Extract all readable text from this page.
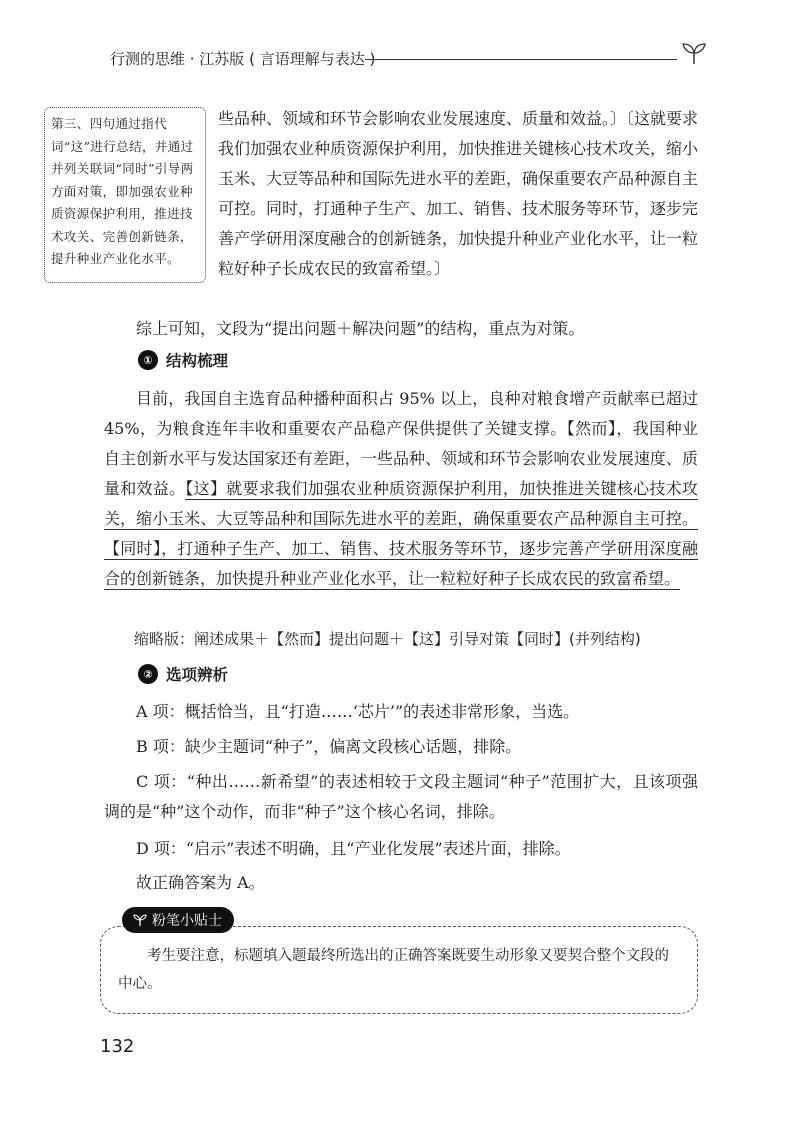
行测的思维 · 江苏版 ( 言语理解与表达 )
第三、四句通过指代词“这”进行总结，并通过并列关联词“同时”引导两方面对策，即加强农业种质资源保护利用，推进技术攻关、完善创新链条，提升种业产业化水平。

些品种、领域和环节会影响农业发展速度、质量和效益。〕〔这就要求我们加强农业种质资源保护利用，加快推进关键核心技术攻关，缩小玉米、大豆等品种和国际先进水平的差距，确保重要农产品种源自主可控。同时，打通种子生产、加工、销售、技术服务等环节，逐步完善产学研用深度融合的创新链条，加快提升种业产业化水平，让一粒粒好种子长成农民的致富希望。〕

综上可知，文段为“提出问题＋解决问题”的结构，重点为对策。

① 结构梳理

目前，我国自主选育品种播种面积占 95% 以上，良种对粮食增产贡献率已超过 45%，为粮食连年丰收和重要农产品稳产保供提供了关键支撑。【然而】，我国种业自主创新水平与发达国家还有差距，一些品种、领域和环节会影响农业发展速度、质量和效益。【这】就要求我们加强农业种质资源保护利用，加快推进关键核心技术攻关，缩小玉米、大豆等品种和国际先进水平的差距，确保重要农产品种源自主可控。【同时】，打通种子生产、加工、销售、技术服务等环节，逐步完善产学研用深度融合的创新链条，加快提升种业产业化水平，让一粒粒好种子长成农民的致富希望。

缩略版：阐述成果＋【然而】提出问题＋【这】引导对策【同时】(并列结构)

② 选项辨析

A 项：概括恰当，且“打造……‘芯片’”的表述非常形象，当选。

B 项：缺少主题词“种子”，偏离文段核心话题，排除。

C 项：“种出……新希望”的表述相较于文段主题词“种子”范围扩大，且该项强调的是“种”这个动作，而非“种子”这个核心名词，排除。

D 项：“启示”表述不明确，且“产业化发展”表述片面，排除。

故正确答案为 A。

粉笔小贴士

考生要注意，标题填入题最终所选出的正确答案既要生动形象又要契合整个文段的中心。

132
